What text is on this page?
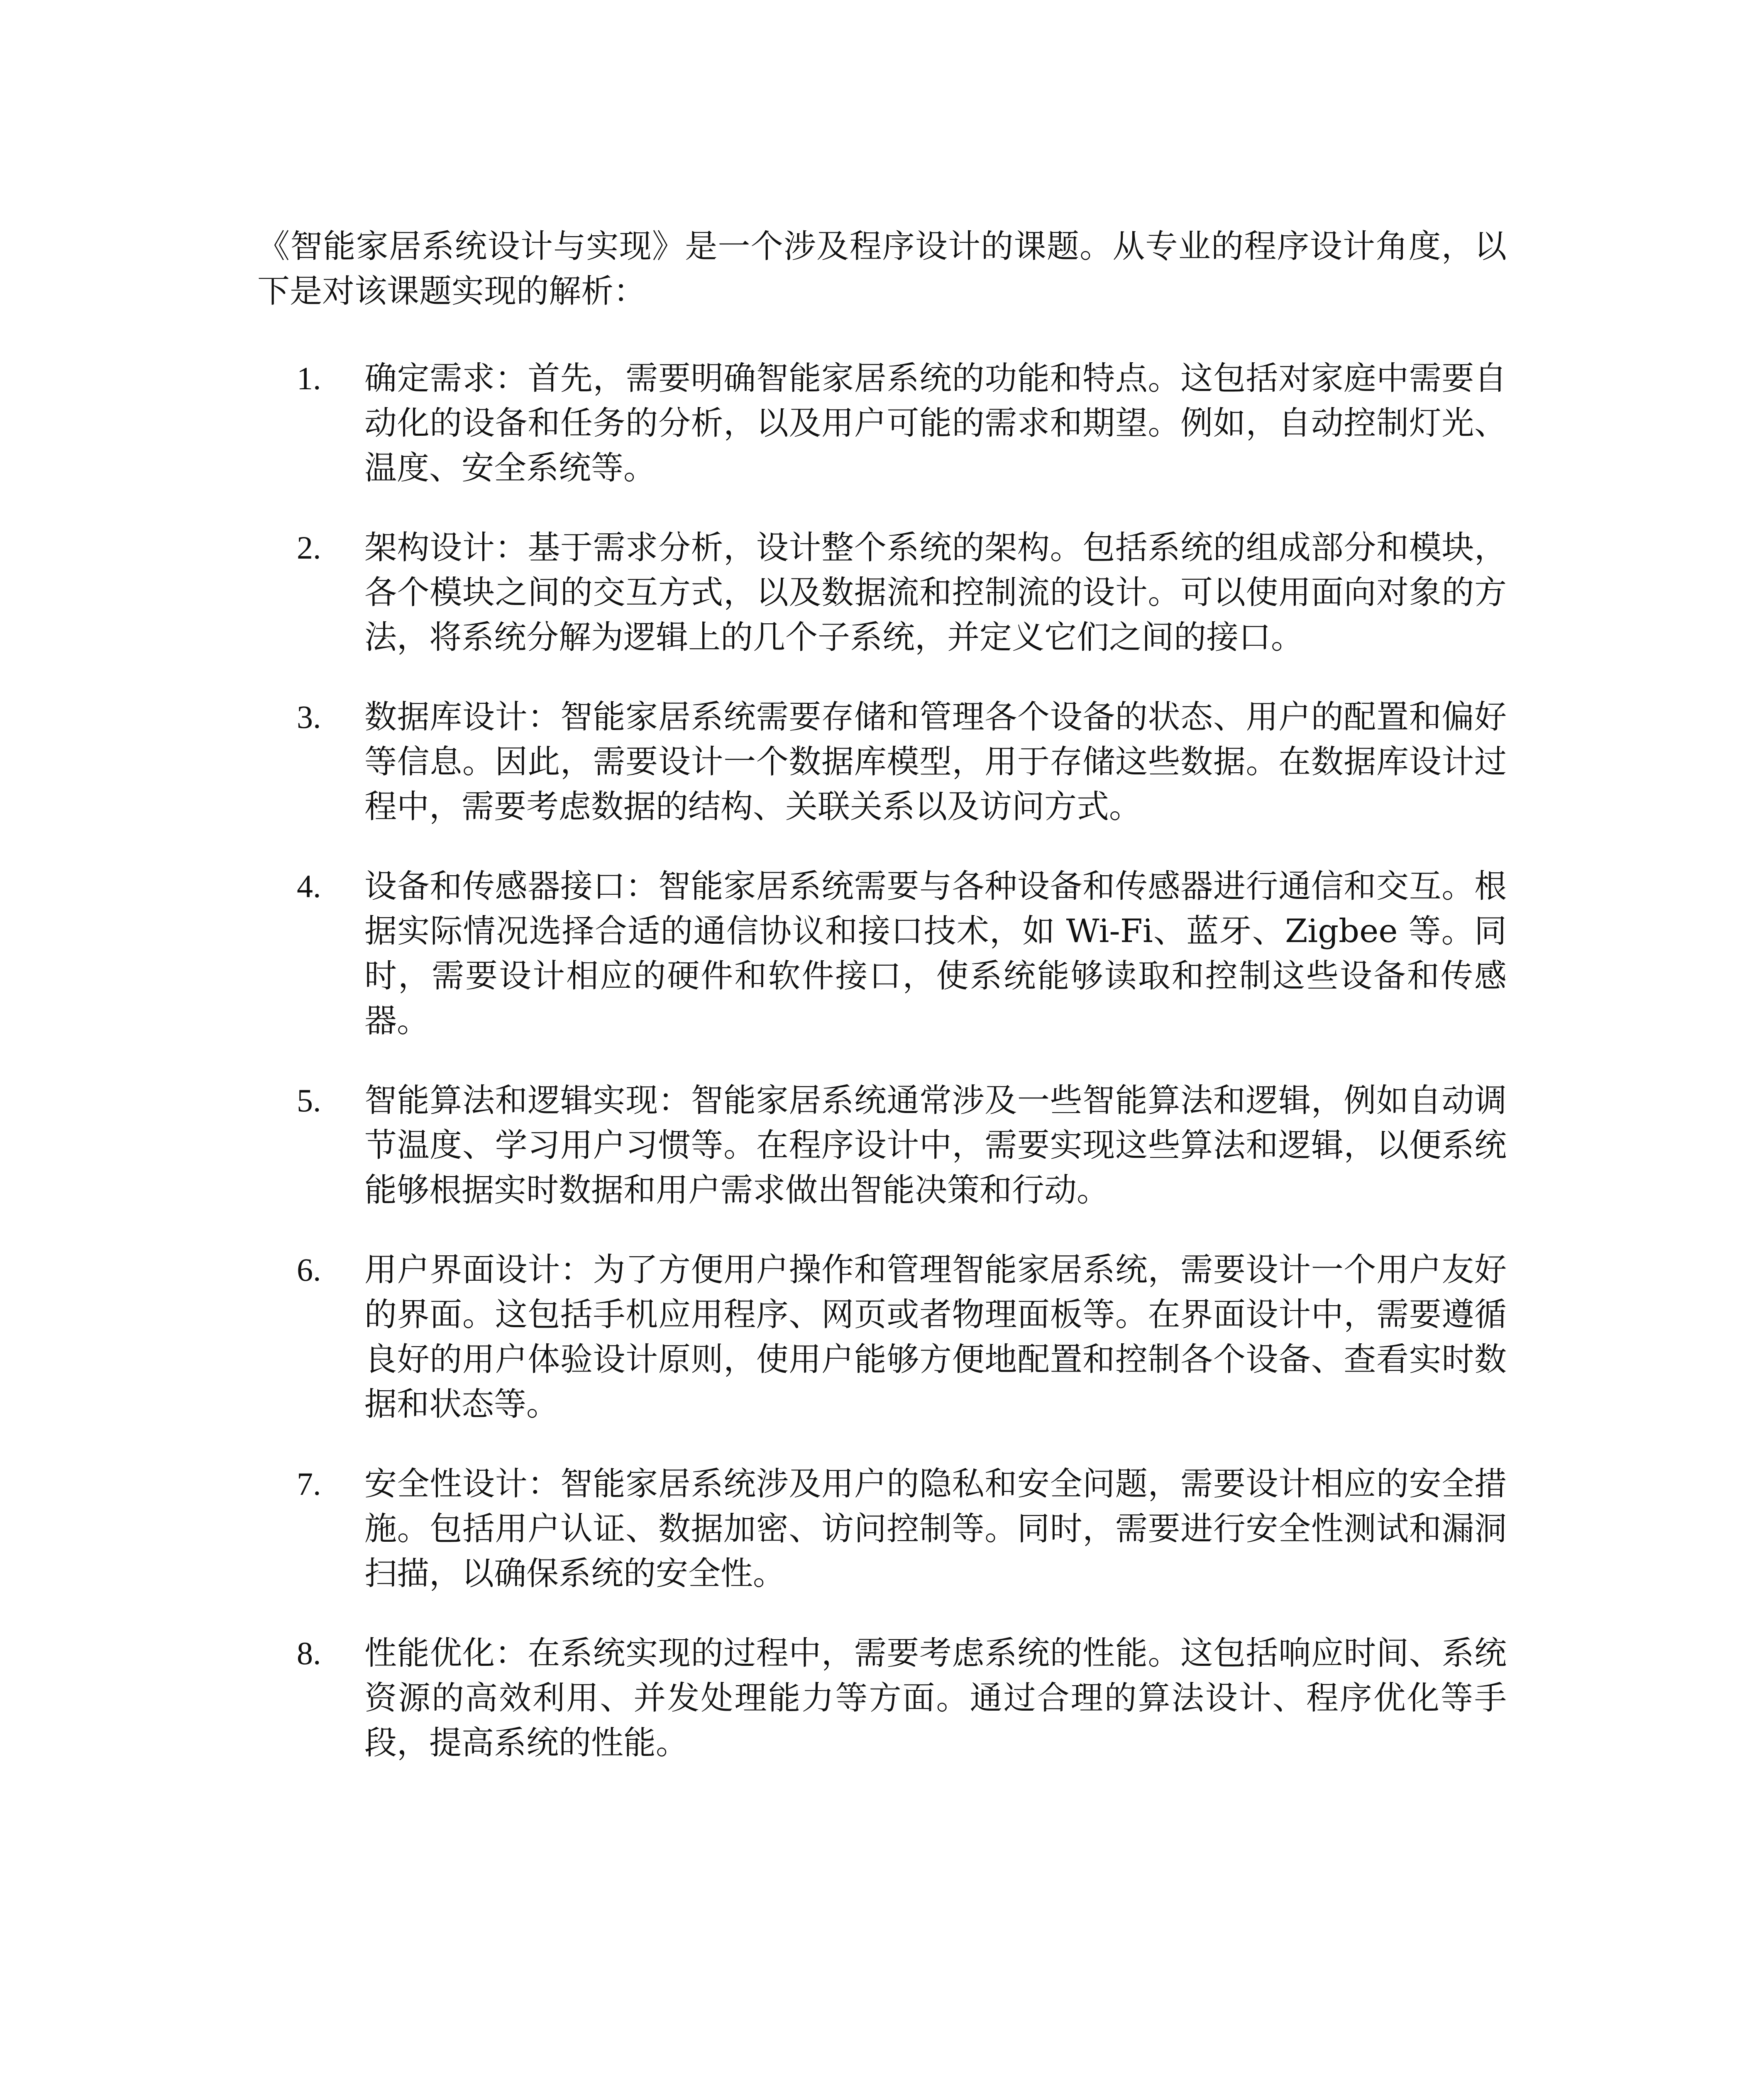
《智能家居系统设计与实现》是一个涉及程序设计的课题。从专业的程序设计角度，以下是对该课题实现的解析：

1. 确定需求：首先，需要明确智能家居系统的功能和特点。这包括对家庭中需要自动化的设备和任务的分析，以及用户可能的需求和期望。例如，自动控制灯光、温度、安全系统等。
2. 架构设计：基于需求分析，设计整个系统的架构。包括系统的组成部分和模块，各个模块之间的交互方式，以及数据流和控制流的设计。可以使用面向对象的方法，将系统分解为逻辑上的几个子系统，并定义它们之间的接口。
3. 数据库设计：智能家居系统需要存储和管理各个设备的状态、用户的配置和偏好等信息。因此，需要设计一个数据库模型，用于存储这些数据。在数据库设计过程中，需要考虑数据的结构、关联关系以及访问方式。
4. 设备和传感器接口：智能家居系统需要与各种设备和传感器进行通信和交互。根据实际情况选择合适的通信协议和接口技术，如 Wi-Fi、蓝牙、Zigbee 等。同时，需要设计相应的硬件和软件接口，使系统能够读取和控制这些设备和传感器。
5. 智能算法和逻辑实现：智能家居系统通常涉及一些智能算法和逻辑，例如自动调节温度、学习用户习惯等。在程序设计中，需要实现这些算法和逻辑，以便系统能够根据实时数据和用户需求做出智能决策和行动。
6. 用户界面设计：为了方便用户操作和管理智能家居系统，需要设计一个用户友好的界面。这包括手机应用程序、网页或者物理面板等。在界面设计中，需要遵循良好的用户体验设计原则，使用户能够方便地配置和控制各个设备、查看实时数据和状态等。
7. 安全性设计：智能家居系统涉及用户的隐私和安全问题，需要设计相应的安全措施。包括用户认证、数据加密、访问控制等。同时，需要进行安全性测试和漏洞扫描，以确保系统的安全性。
8. 性能优化：在系统实现的过程中，需要考虑系统的性能。这包括响应时间、系统资源的高效利用、并发处理能力等方面。通过合理的算法设计、程序优化等手段，提高系统的性能。
